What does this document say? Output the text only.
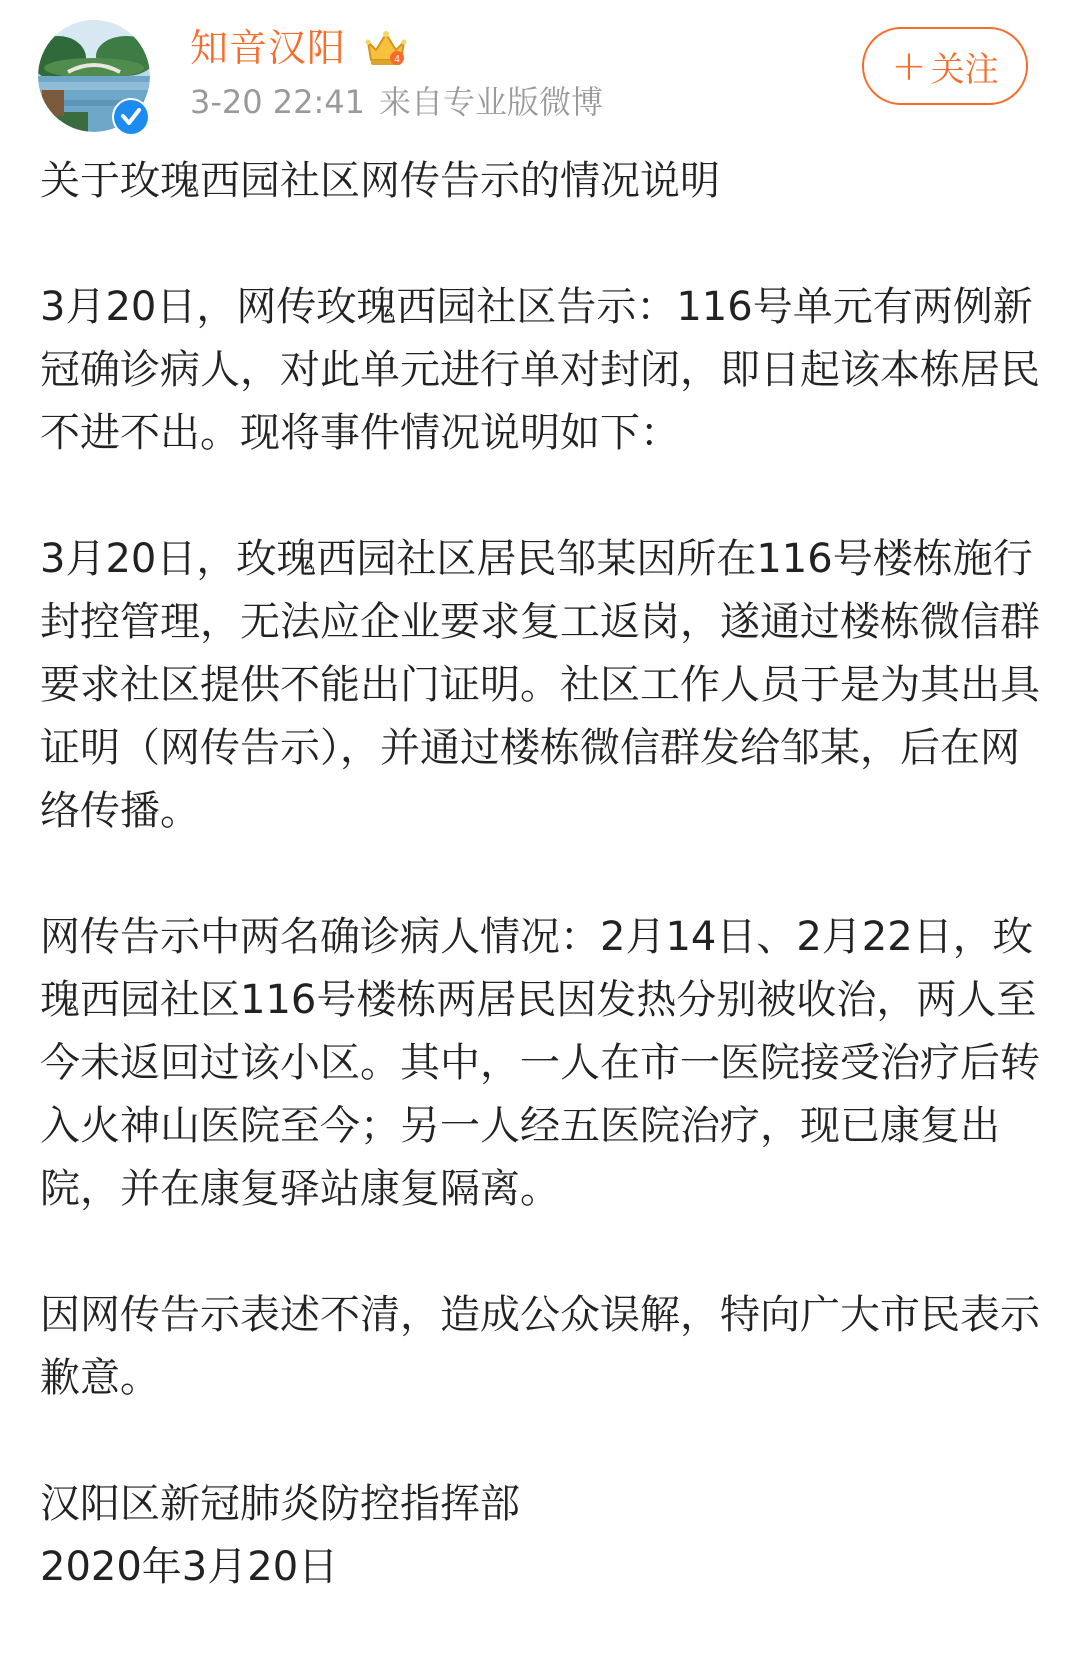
知音汉阳	4
3-20 22:41 来自专业版微博
+ 关注

关于玫瑰西园社区网传告示的情况说明

3月20日，网传玫瑰西园社区告示：116号单元有两例新冠确诊病人，对此单元进行单对封闭，即日起该本栋居民不进不出。现将事件情况说明如下：

3月20日，玫瑰西园社区居民邹某因所在116号楼栋施行封控管理，无法应企业要求复工返岗，遂通过楼栋微信群要求社区提供不能出门证明。社区工作人员于是为其出具证明（网传告示），并通过楼栋微信群发给邹某，后在网络传播。

网传告示中两名确诊病人情况：2月14日、2月22日，玫瑰西园社区116号楼栋两居民因发热分别被收治，两人至今未返回过该小区。其中，一人在市一医院接受治疗后转入火神山医院至今；另一人经五医院治疗，现已康复出院，并在康复驿站康复隔离。

因网传告示表述不清，造成公众误解，特向广大市民表示歉意。

汉阳区新冠肺炎防控指挥部

2020年3月20日
